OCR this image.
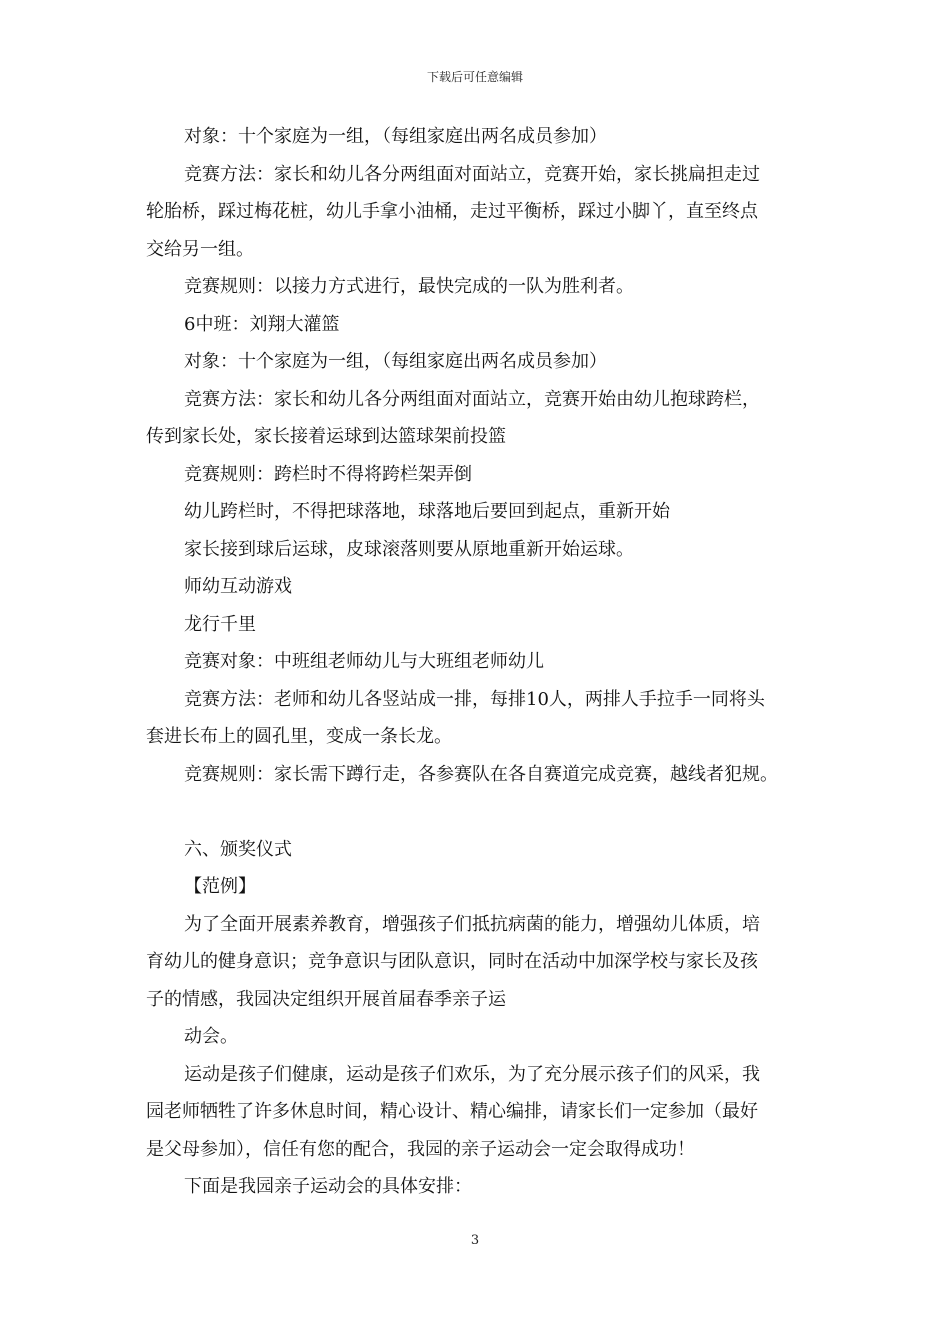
下载后可任意编辑
对象：十个家庭为一组，（每组家庭出两名成员参加）
竞赛方法：家长和幼儿各分两组面对面站立，竞赛开始，家长挑扁担走过
轮胎桥，踩过梅花桩，幼儿手拿小油桶，走过平衡桥，踩过小脚丫，直至终点
交给另一组。
竞赛规则：以接力方式进行，最快完成的一队为胜利者。
6中班：刘翔大灌篮
对象：十个家庭为一组，（每组家庭出两名成员参加）
竞赛方法：家长和幼儿各分两组面对面站立，竞赛开始由幼儿抱球跨栏，
传到家长处，家长接着运球到达篮球架前投篮
竞赛规则：跨栏时不得将跨栏架弄倒
幼儿跨栏时，不得把球落地，球落地后要回到起点，重新开始
家长接到球后运球，皮球滚落则要从原地重新开始运球。
师幼互动游戏
龙行千里
竞赛对象：中班组老师幼儿与大班组老师幼儿
竞赛方法：老师和幼儿各竖站成一排，每排10人，两排人手拉手一同将头
套进长布上的圆孔里，变成一条长龙。
竞赛规则：家长需下蹲行走，各参赛队在各自赛道完成竞赛，越线者犯规。
六、颁奖仪式
【范例】
为了全面开展素养教育，增强孩子们抵抗病菌的能力，增强幼儿体质，培
育幼儿的健身意识；竞争意识与团队意识，同时在活动中加深学校与家长及孩
子的情感，我园决定组织开展首届春季亲子运
动会。
运动是孩子们健康，运动是孩子们欢乐，为了充分展示孩子们的风采，我
园老师牺牲了许多休息时间，精心设计、精心编排，请家长们一定参加（最好
是父母参加），信任有您的配合，我园的亲子运动会一定会取得成功！
下面是我园亲子运动会的具体安排：
3
